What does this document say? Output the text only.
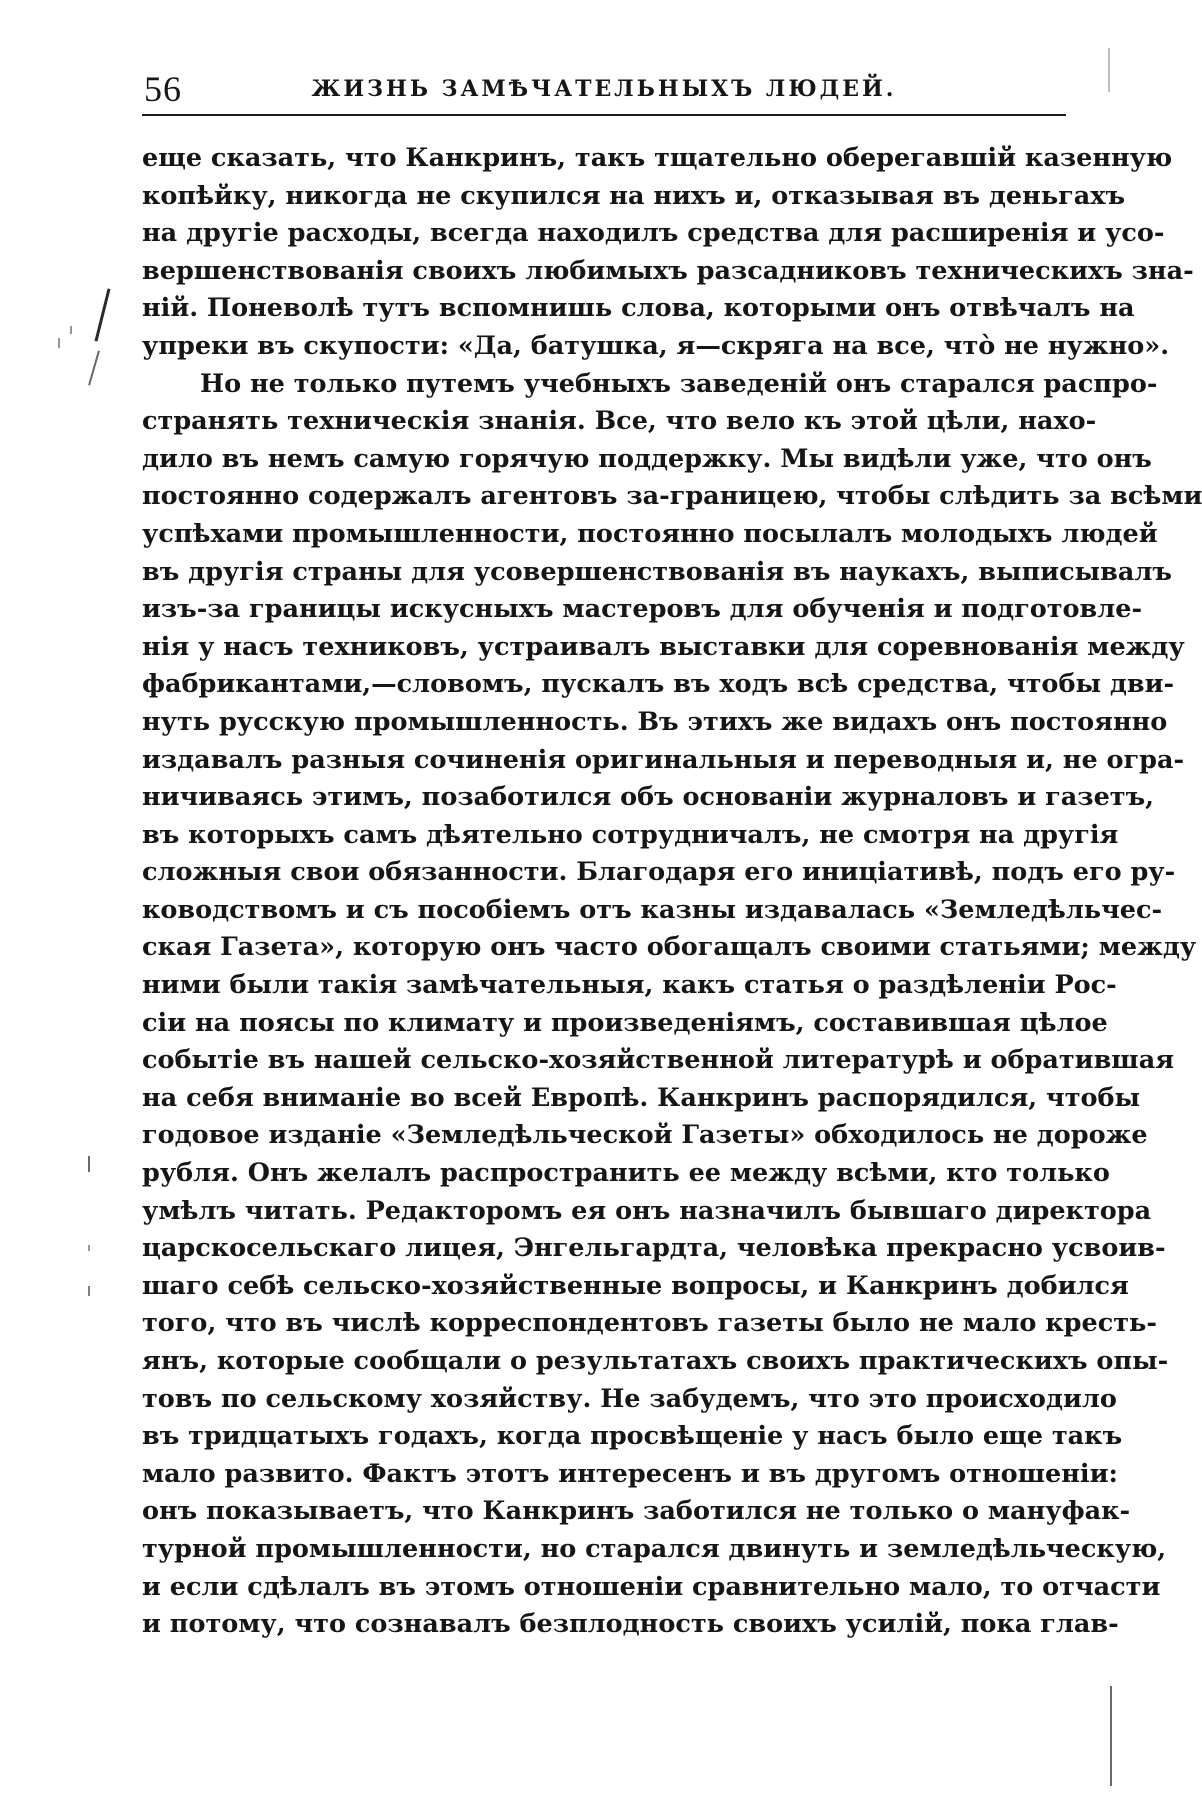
56	ЖИЗНЬ ЗАМѢЧАТЕЛЬНЫХЪ ЛЮДЕЙ.
еще сказать, что Канкринъ, такъ тщательно оберегавшій казенную
копѣйку, никогда не скупился на нихъ и, отказывая въ деньгахъ
на другіе расходы, всегда находилъ средства для расширенія и усо-
вершенствованія своихъ любимыхъ разсадниковъ техническихъ зна-
ній. Поневолѣ тутъ вспомнишь слова, которыми онъ отвѣчалъ на
упреки въ скупости: «Да, батушка, я—скряга на все, что̀ не нужно».
Но не только путемъ учебныхъ заведеній онъ старался распро-
странять техническія знанія. Все, что вело къ этой цѣли, нахо-
дило въ немъ самую горячую поддержку. Мы видѣли уже, что онъ
постоянно содержалъ агентовъ за-границею, чтобы слѣдить за всѣми
успѣхами промышленности, постоянно посылалъ молодыхъ людей
въ другія страны для усовершенствованія въ наукахъ, выписывалъ
изъ-за границы искусныхъ мастеровъ для обученія и подготовле-
нія у насъ техниковъ, устраивалъ выставки для соревнованія между
фабрикантами,—словомъ, пускалъ въ ходъ всѣ средства, чтобы дви-
нуть русскую промышленность. Въ этихъ же видахъ онъ постоянно
издавалъ разныя сочиненія оригинальныя и переводныя и, не огра-
ничиваясь этимъ, позаботился объ основаніи журналовъ и газетъ,
въ которыхъ самъ дѣятельно сотрудничалъ, не смотря на другія
сложныя свои обязанности. Благодаря его иниціативѣ, подъ его ру-
ководствомъ и съ пособіемъ отъ казны издавалась «Земледѣльчес-
ская Газета», которую онъ часто обогащалъ своими статьями; между
ними были такія замѣчательныя, какъ статья о раздѣленіи Рос-
сіи на поясы по климату и произведеніямъ, составившая цѣлое
событіе въ нашей сельско-хозяйственной литературѣ и обратившая
на себя вниманіе во всей Европѣ. Канкринъ распорядился, чтобы
годовое изданіе «Земледѣльческой Газеты» обходилось не дороже
рубля. Онъ желалъ распространить ее между всѣми, кто только
умѣлъ читать. Редакторомъ ея онъ назначилъ бывшаго директора
царскосельскаго лицея, Энгельгардта, человѣка прекрасно усвоив-
шаго себѣ сельско-хозяйственные вопросы, и Канкринъ добился
того, что въ числѣ корреспондентовъ газеты было не мало кресть-
янъ, которые сообщали о результатахъ своихъ практическихъ опы-
товъ по сельскому хозяйству. Не забудемъ, что это происходило
въ тридцатыхъ годахъ, когда просвѣщеніе у насъ было еще такъ
мало развито. Фактъ этотъ интересенъ и въ другомъ отношеніи:
онъ показываетъ, что Канкринъ заботился не только о мануфак-
турной промышленности, но старался двинуть и земледѣльческую,
и если сдѣлалъ въ этомъ отношеніи сравнительно мало, то отчасти
и потому, что сознавалъ безплодность своихъ усилій, пока глав-
